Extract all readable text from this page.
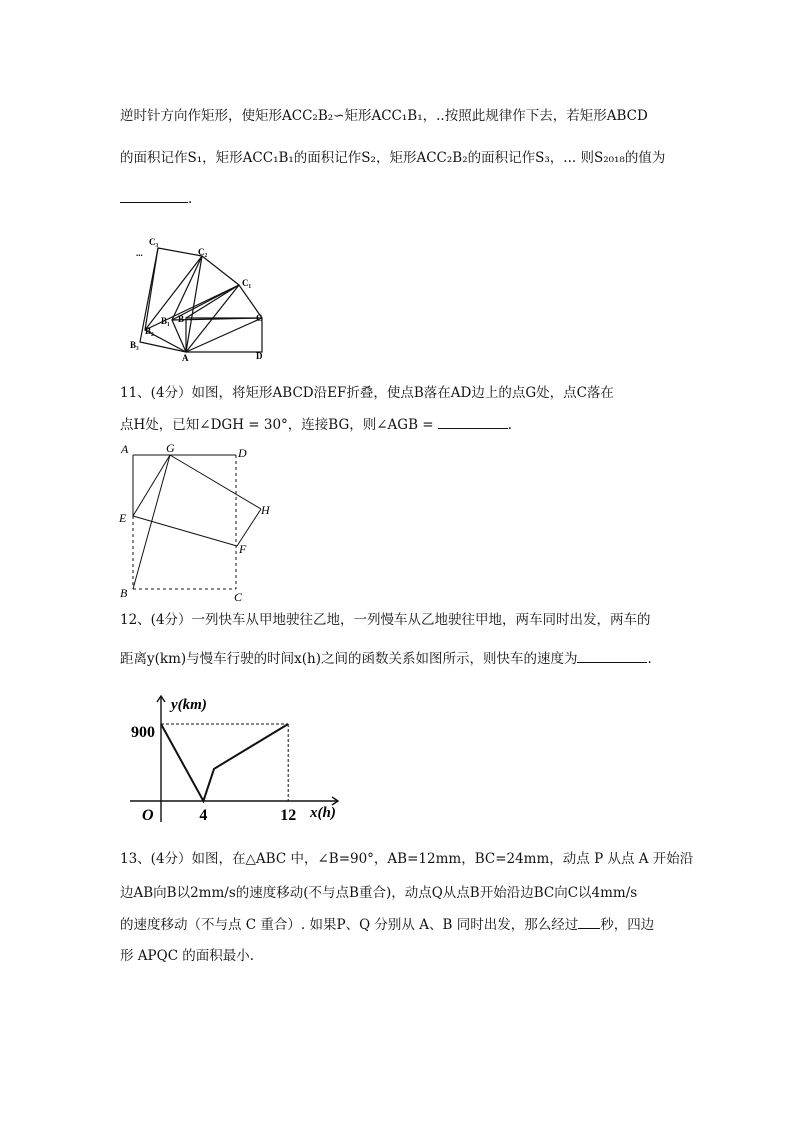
逆时针方向作矩形，使矩形ACC₂B₂∽矩形ACC₁B₁，..按照此规律作下去，若矩形ABCD
的面积记作S₁，矩形ACC₁B₁的面积记作S₂，矩形ACC₂B₂的面积记作S₃，... 则S₂₀₁₈的值为
.
...
C₃
C₂
C₁
C
B
B₁
B₂
B₃
A	D
11、(4分）如图，将矩形ABCD沿EF折叠，使点B落在AD边上的点G处，点C落在
点H处，已知∠DGH = 30°，连接BG，则∠AGB =	.
A	G	D
E
H
F
B	C
12、(4分）一列快车从甲地驶往乙地，一列慢车从乙地驶往甲地，两车同时出发，两车的
距离y(km)与慢车行驶的时间x(h)之间的函数关系如图所示，则快车的速度为	.
y(km)
x(h)
O
900
4	12
13、(4分）如图，在△ABC 中，∠B=90°，AB=12mm，BC=24mm，动点 P 从点 A 开始沿
边AB向B以2mm/s的速度移动(不与点B重合)，动点Q从点B开始沿边BC向C以4mm/s
的速度移动（不与点 C 重合）. 如果P、Q 分别从 A、B 同时出发，那么经过 秒，四边
形 APQC 的面积最小.
